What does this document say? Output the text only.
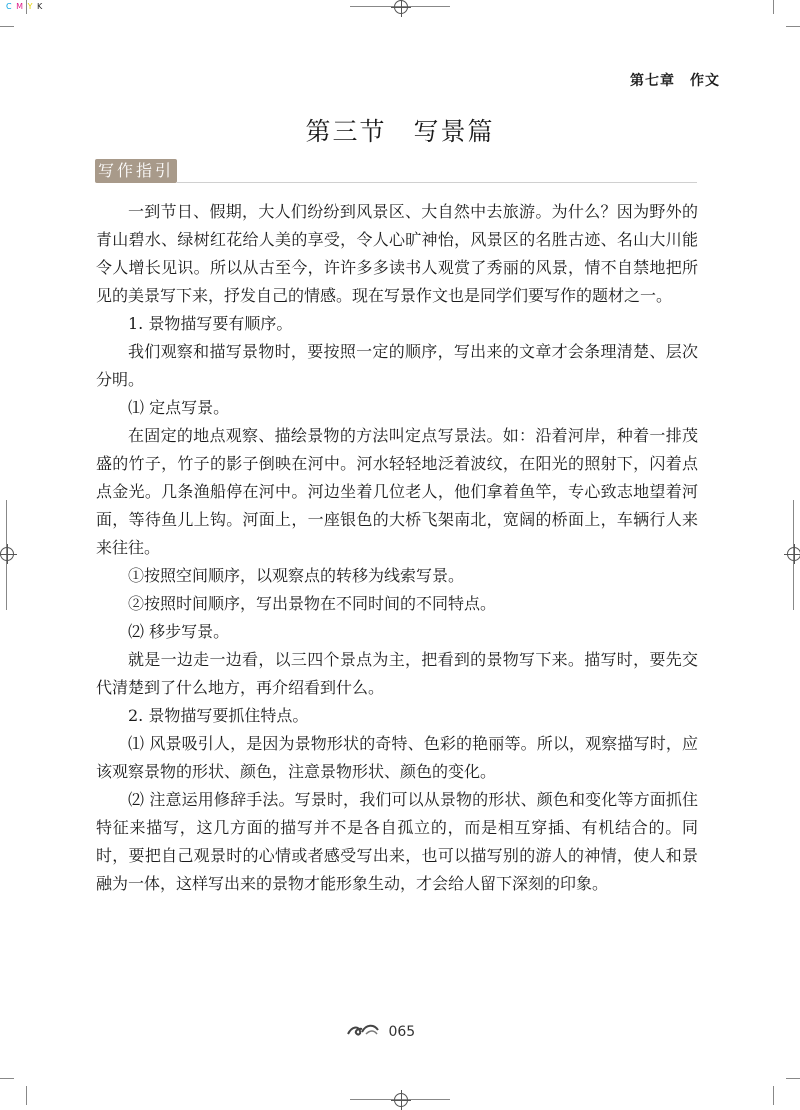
C M Y K
第七章　作文
第三节　写景篇
写作指引

一到节日、假期，大人们纷纷到风景区、大自然中去旅游。为什么？因为野外的青山碧水、绿树红花给人美的享受，令人心旷神怡，风景区的名胜古迹、名山大川能令人增长见识。所以从古至今，许许多多读书人观赏了秀丽的风景，情不自禁地把所见的美景写下来，抒发自己的情感。现在写景作文也是同学们要写作的题材之一。

1. 景物描写要有顺序。

我们观察和描写景物时，要按照一定的顺序，写出来的文章才会条理清楚、层次分明。

⑴ 定点写景。

在固定的地点观察、描绘景物的方法叫定点写景法。如：沿着河岸，种着一排茂盛的竹子，竹子的影子倒映在河中。河水轻轻地泛着波纹，在阳光的照射下，闪着点点金光。几条渔船停在河中。河边坐着几位老人，他们拿着鱼竿，专心致志地望着河面，等待鱼儿上钩。河面上，一座银色的大桥飞架南北，宽阔的桥面上，车辆行人来来往往。

①按照空间顺序，以观察点的转移为线索写景。

②按照时间顺序，写出景物在不同时间的不同特点。

⑵ 移步写景。

就是一边走一边看，以三四个景点为主，把看到的景物写下来。描写时，要先交代清楚到了什么地方，再介绍看到什么。

2. 景物描写要抓住特点。

⑴ 风景吸引人，是因为景物形状的奇特、色彩的艳丽等。所以，观察描写时，应该观察景物的形状、颜色，注意景物形状、颜色的变化。

⑵ 注意运用修辞手法。写景时，我们可以从景物的形状、颜色和变化等方面抓住特征来描写，这几方面的描写并不是各自孤立的，而是相互穿插、有机结合的。同时，要把自己观景时的心情或者感受写出来，也可以描写别的游人的神情，使人和景融为一体，这样写出来的景物才能形象生动，才会给人留下深刻的印象。

065
